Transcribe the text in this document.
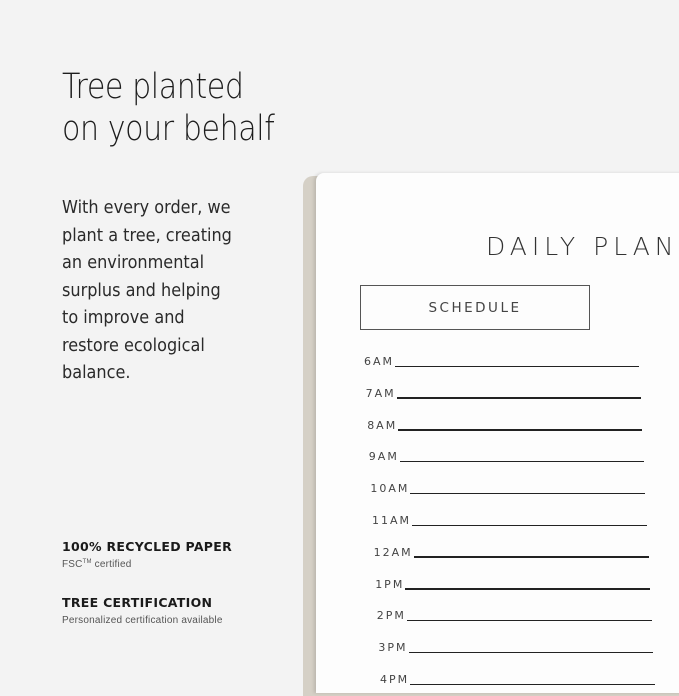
Tree planted
on your behalf

With every order, we
plant a tree, creating
an environmental
surplus and helping
to improve and
restore ecological
balance.

100% RECYCLED PAPER
FSC™ certified
TREE CERTIFICATION
Personalized certification available
DAILY PLAN
SCHEDULE
6AM
7AM
8AM
9AM
10AM
11AM
12AM
1PM
2PM
3PM
4PM
